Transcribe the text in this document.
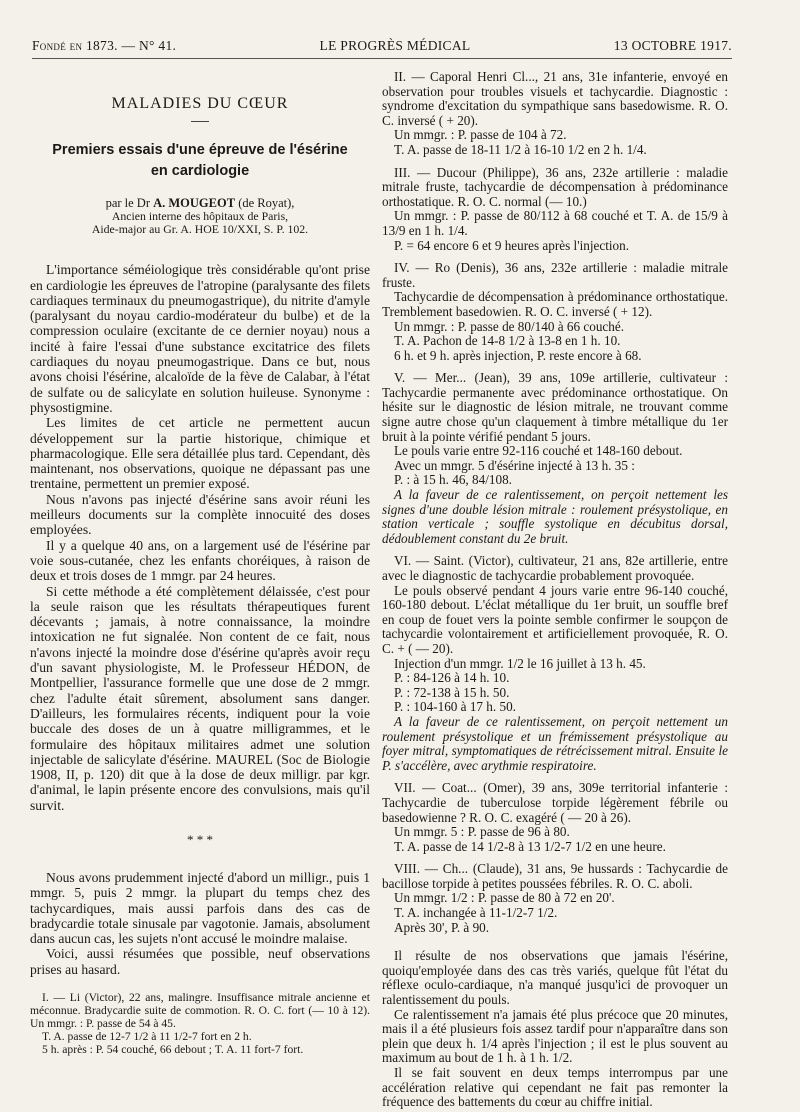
Fondé en 1873. — N° 41.	LE PROGRÈS MÉDICAL	13 OCTOBRE 1917.
MALADIES DU CŒUR
Premiers essais d'une épreuve de l'ésérine
en cardiologie
par le Dr A. MOUGEOT (de Royat),
Ancien interne des hôpitaux de Paris,
Aide-major au Gr. A. HOE 10/XXI, S. P. 102.

L'importance séméiologique très considérable qu'ont prise en cardiologie les épreuves de l'atropine (paralysante des filets cardiaques terminaux du pneumogastrique), du nitrite d'amyle (paralysant du noyau cardio-modérateur du bulbe) et de la compression oculaire (excitante de ce dernier noyau) nous a incité à faire l'essai d'une substance excitatrice des filets cardiaques du noyau pneumogastrique. Dans ce but, nous avons choisi l'ésérine, alcaloïde de la fève de Calabar, à l'état de sulfate ou de salicylate en solution huileuse. Synonyme : physostigmine.

Les limites de cet article ne permettent aucun développement sur la partie historique, chimique et pharmacologique. Elle sera détaillée plus tard. Cependant, dès maintenant, nos observations, quoique ne dépassant pas une trentaine, permettent un premier exposé.

Nous n'avons pas injecté d'ésérine sans avoir réuni les meilleurs documents sur la complète innocuité des doses employées.

Il y a quelque 40 ans, on a largement usé de l'ésérine par voie sous-cutanée, chez les enfants choréiques, à raison de deux et trois doses de 1 mmgr. par 24 heures.

Si cette méthode a été complètement délaissée, c'est pour la seule raison que les résultats thérapeutiques furent décevants ; jamais, à notre connaissance, la moindre intoxication ne fut signalée. Non content de ce fait, nous n'avons injecté la moindre dose d'ésérine qu'après avoir reçu d'un savant physiologiste, M. le Professeur HÉDON, de Montpellier, l'assurance formelle que une dose de 2 mmgr. chez l'adulte était sûrement, absolument sans danger. D'ailleurs, les formulaires récents, indiquent pour la voie buccale des doses de un à quatre milligrammes, et le formulaire des hôpitaux militaires admet une solution injectable de salicylate d'ésérine. MAUREL (Soc de Biologie 1908, II, p. 120) dit que à la dose de deux milligr. par kgr. d'animal, le lapin présente encore des convulsions, mais qu'il survit.

* * *

Nous avons prudemment injecté d'abord un milligr., puis 1 mmgr. 5, puis 2 mmgr. la plupart du temps chez des tachycardiques, mais aussi parfois dans des cas de bradycardie totale sinusale par vagotonie. Jamais, absolument dans aucun cas, les sujets n'ont accusé le moindre malaise.

Voici, aussi résumées que possible, neuf observations prises au hasard.

I. — Li (Victor), 22 ans, malingre. Insuffisance mitrale ancienne et méconnue. Bradycardie suite de commotion. R. O. C. fort (— 10 à 12). Un mmgr. : P. passe de 54 à 45.

T. A. passe de 12-7 1/2 à 11 1/2-7 fort en 2 h.

5 h. après : P. 54 couché, 66 debout ; T. A. 11 fort-7 fort.

II. — Caporal Henri Cl..., 21 ans, 31e infanterie, envoyé en observation pour troubles visuels et tachycardie. Diagnostic : syndrome d'excitation du sympathique sans basedowisme. R. O. C. inversé ( + 20).

Un mmgr. : P. passe de 104 à 72.

T. A. passe de 18-11 1/2 à 16-10 1/2 en 2 h. 1/4.

III. — Ducour (Philippe), 36 ans, 232e artillerie : maladie mitrale fruste, tachycardie de décompensation à prédominance orthostatique. R. O. C. normal (— 10.)

Un mmgr. : P. passe de 80/112 à 68 couché et T. A. de 15/9 à 13/9 en 1 h. 1/4.

P. = 64 encore 6 et 9 heures après l'injection.

IV. — Ro (Denis), 36 ans, 232e artillerie : maladie mitrale fruste.

Tachycardie de décompensation à prédominance orthostatique. Tremblement basedowien. R. O. C. inversé ( + 12).

Un mmgr. : P. passe de 80/140 à 66 couché.

T. A. Pachon de 14-8 1/2 à 13-8 en 1 h. 10.

6 h. et 9 h. après injection, P. reste encore à 68.

V. — Mer... (Jean), 39 ans, 109e artillerie, cultivateur : Tachycardie permanente avec prédominance orthostatique. On hésite sur le diagnostic de lésion mitrale, ne trouvant comme signe autre chose qu'un claquement à timbre métallique du 1er bruit à la pointe vérifié pendant 5 jours.

Le pouls varie entre 92-116 couché et 148-160 debout.

Avec un mmgr. 5 d'ésérine injecté à 13 h. 35 :

P. : à 15 h. 46, 84/108.

A la faveur de ce ralentissement, on perçoit nettement les signes d'une double lésion mitrale : roulement présystolique, en station verticale ; souffle systolique en décubitus dorsal, dédoublement constant du 2e bruit.

VI. — Saint. (Victor), cultivateur, 21 ans, 82e artillerie, entre avec le diagnostic de tachycardie probablement provoquée.

Le pouls observé pendant 4 jours varie entre 96-140 couché, 160-180 debout. L'éclat métallique du 1er bruit, un souffle bref en coup de fouet vers la pointe semble confirmer le soupçon de tachycardie volontairement et artificiellement provoquée, R. O. C. + ( — 20).

Injection d'un mmgr. 1/2 le 16 juillet à 13 h. 45.

P. : 84-126 à 14 h. 10.

P. : 72-138 à 15 h. 50.

P. : 104-160 à 17 h. 50.

A la faveur de ce ralentissement, on perçoit nettement un roulement présystolique et un frémissement présystolique au foyer mitral, symptomatiques de rétrécissement mitral. Ensuite le P. s'accélère, avec arythmie respiratoire.

VII. — Coat... (Omer), 39 ans, 309e territorial infanterie : Tachycardie de tuberculose torpide légèrement fébrile ou basedowienne ? R. O. C. exagéré ( — 20 à 26).

Un mmgr. 5 : P. passe de 96 à 80.

T. A. passe de 14 1/2-8 à 13 1/2-7 1/2 en une heure.

VIII. — Ch... (Claude), 31 ans, 9e hussards : Tachycardie de bacillose torpide à petites poussées fébriles. R. O. C. aboli.

Un mmgr. 1/2 : P. passe de 80 à 72 en 20'.

T. A. inchangée à 11-1/2-7 1/2.

Après 30', P. à 90.

Il résulte de nos observations que jamais l'ésérine, quoiqu'employée dans des cas très variés, quelque fût l'état du réflexe oculo-cardiaque, n'a manqué jusqu'ici de provoquer un ralentissement du pouls.

Ce ralentissement n'a jamais été plus précoce que 20 minutes, mais il a été plusieurs fois assez tardif pour n'apparaître dans son plein que deux h. 1/4 après l'injection ; il est le plus souvent au maximum au bout de 1 h. à 1 h. 1/2.

Il se fait souvent en deux temps interrompus par une accélération relative qui cependant ne fait pas remonter la fréquence des battements du cœur au chiffre initial.
